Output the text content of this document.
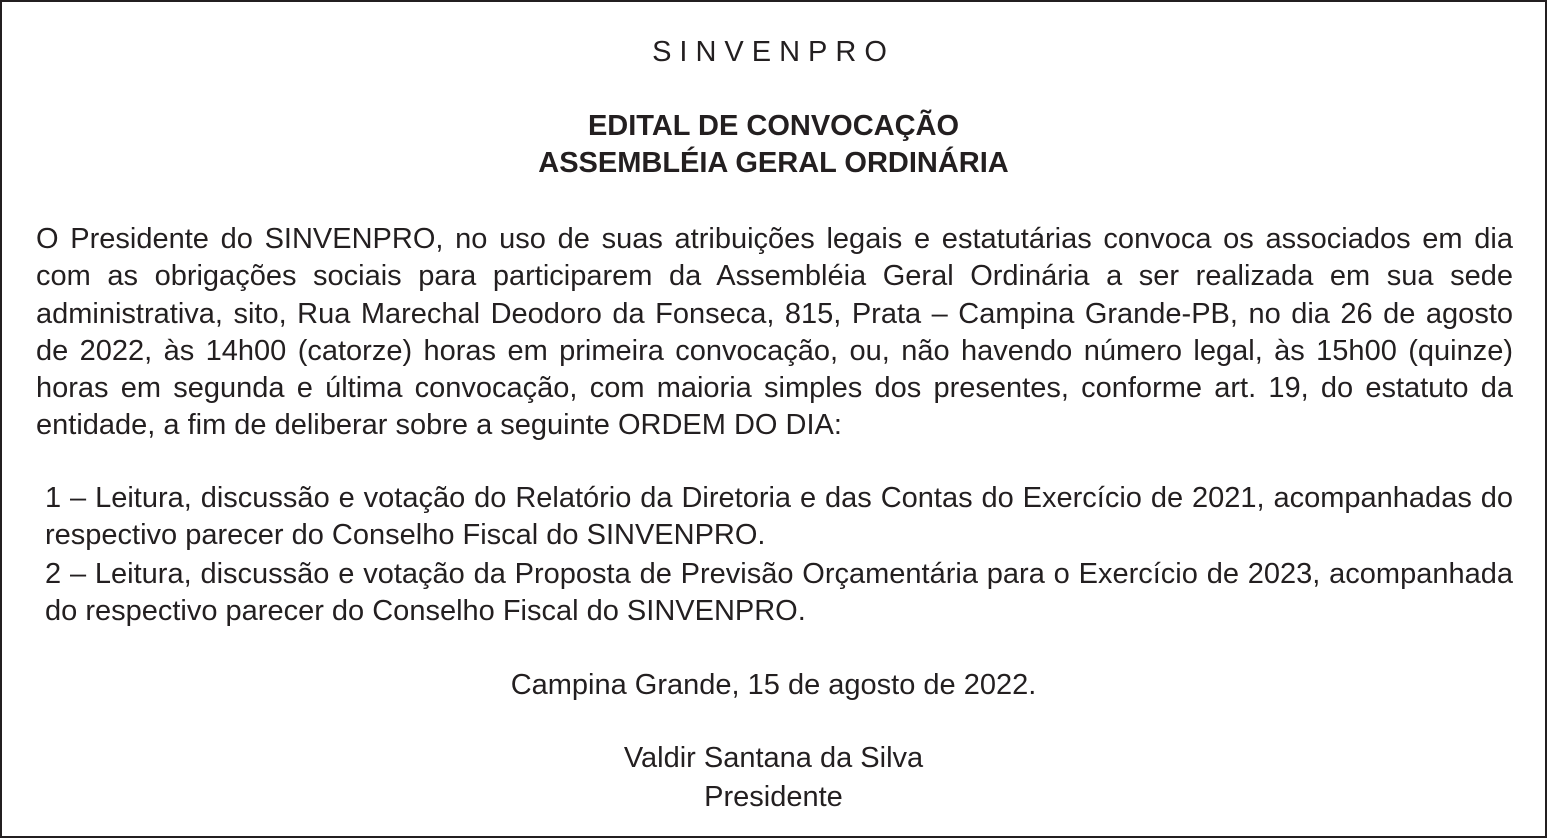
SINVENPRO
EDITAL DE CONVOCAÇÃO
ASSEMBLÉIA GERAL ORDINÁRIA

O Presidente do SINVENPRO, no uso de suas atribuições legais e estatutárias convoca os associados em dia com as obrigações sociais para participarem da Assembléia Geral Ordinária a ser realizada em sua sede administrativa, sito, Rua Marechal Deodoro da Fonseca, 815, Prata – Campina Grande-PB, no dia 26 de agosto de 2022, às 14h00 (catorze) horas em primeira convocação, ou, não havendo número legal, às 15h00 (quinze) horas em segunda e última convocação, com maioria simples dos presentes, conforme art. 19, do estatuto da entidade, a fim de deliberar sobre a seguinte ORDEM DO DIA:

1 – Leitura, discussão e votação do Relatório da Diretoria e das Contas do Exercício de 2021, acompanhadas do respectivo parecer do Conselho Fiscal do SINVENPRO.

2 – Leitura, discussão e votação da Proposta de Previsão Orçamentária para o Exercício de 2023, acompanhada do respectivo parecer do Conselho Fiscal do SINVENPRO.

Campina Grande, 15 de agosto de 2022.
Valdir Santana da Silva
Presidente
